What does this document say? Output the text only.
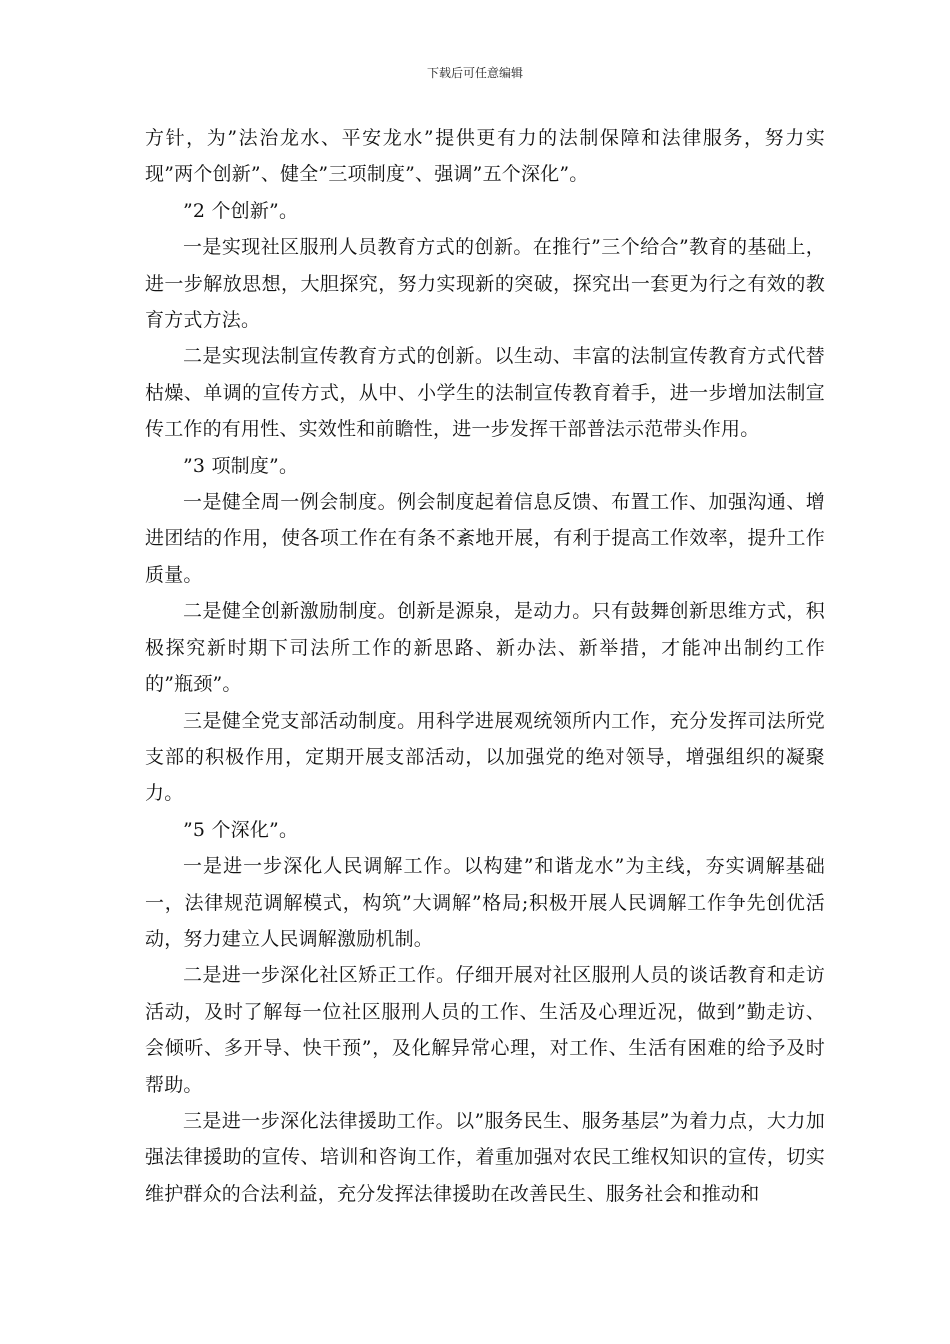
下载后可任意编辑

方针，为”法治龙水、平安龙水”提供更有力的法制保障和法律服务，努力实现”两个创新”、健全”三项制度”、强调”五个深化”。

”2 个创新”。

一是实现社区服刑人员教育方式的创新。在推行”三个给合”教育的基础上，进一步解放思想，大胆探究，努力实现新的突破，探究出一套更为行之有效的教育方式方法。

二是实现法制宣传教育方式的创新。以生动、丰富的法制宣传教育方式代替枯燥、单调的宣传方式，从中、小学生的法制宣传教育着手，进一步增加法制宣传工作的有用性、实效性和前瞻性，进一步发挥干部普法示范带头作用。

”3 项制度”。

一是健全周一例会制度。例会制度起着信息反馈、布置工作、加强沟通、增进团结的作用，使各项工作在有条不紊地开展，有利于提高工作效率，提升工作质量。

二是健全创新激励制度。创新是源泉，是动力。只有鼓舞创新思维方式，积极探究新时期下司法所工作的新思路、新办法、新举措，才能冲出制约工作的”瓶颈”。

三是健全党支部活动制度。用科学进展观统领所内工作，充分发挥司法所党支部的积极作用，定期开展支部活动，以加强党的绝对领导，增强组织的凝聚力。

”5 个深化”。

一是进一步深化人民调解工作。以构建”和谐龙水”为主线，夯实调解基础一，法律规范调解模式，构筑”大调解”格局;积极开展人民调解工作争先创优活动，努力建立人民调解激励机制。

二是进一步深化社区矫正工作。仔细开展对社区服刑人员的谈话教育和走访活动，及时了解每一位社区服刑人员的工作、生活及心理近况，做到”勤走访、会倾听、多开导、快干预”，及化解异常心理，对工作、生活有困难的给予及时帮助。

三是进一步深化法律援助工作。以”服务民生、服务基层”为着力点，大力加强法律援助的宣传、培训和咨询工作，着重加强对农民工维权知识的宣传，切实维护群众的合法利益，充分发挥法律援助在改善民生、服务社会和推动和
